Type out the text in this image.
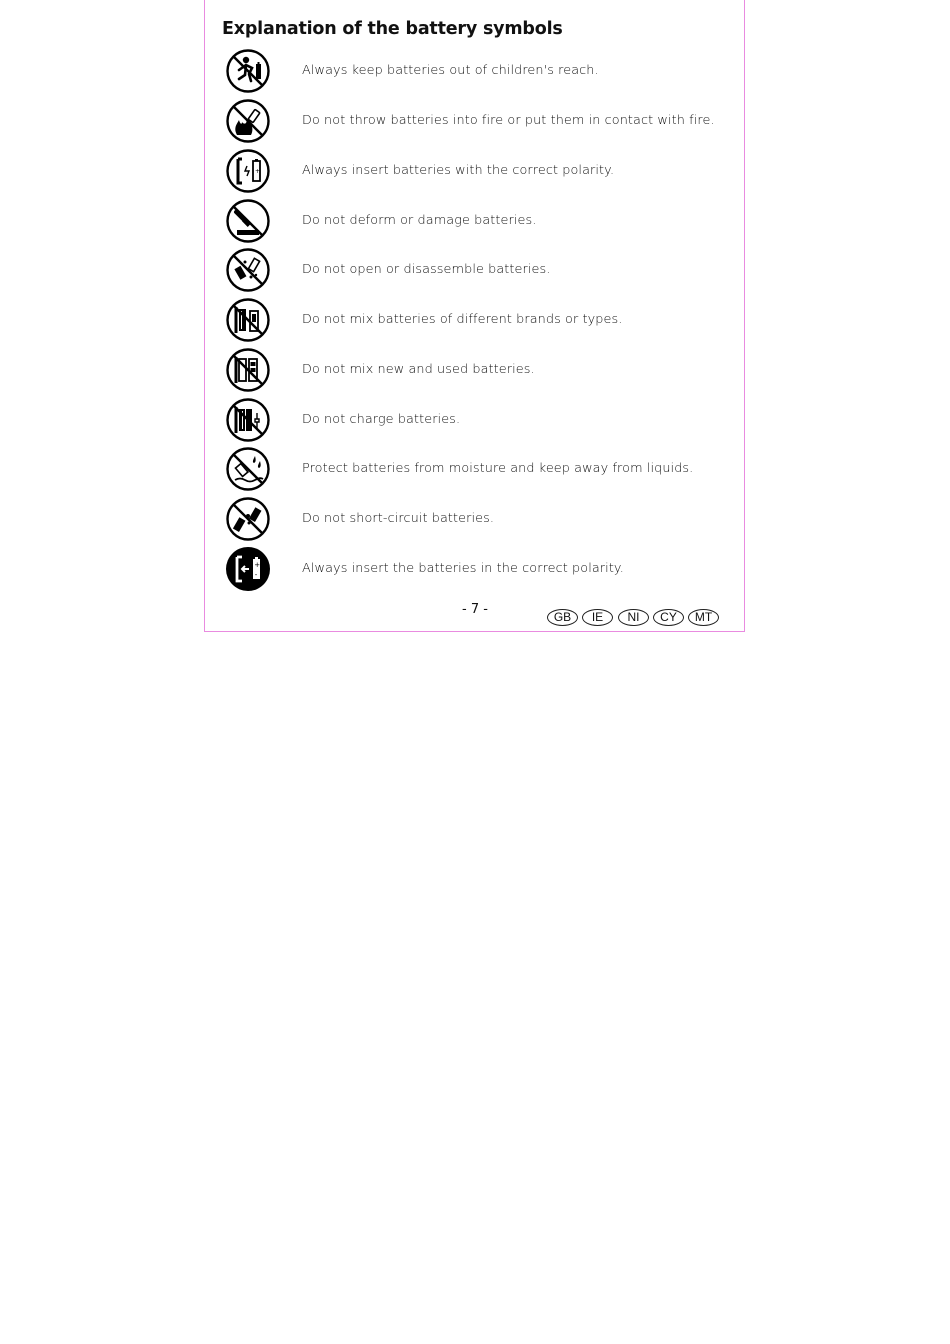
Explanation of the battery symbols
Always keep batteries out of children's reach.
Do not throw batteries into fire or put them in contact with fire.
+	Always insert batteries with the correct polarity.
Do not deform or damage batteries.
Do not open or disassemble batteries.
Do not mix batteries of different brands or types.
Do not mix new and used batteries.
Do not charge batteries.
Protect batteries from moisture and keep away from liquids.
Do not short-circuit batteries.
+
-	Always insert the batteries in the correct polarity.
- 7 -	GB	IE	NI	CY	MT
